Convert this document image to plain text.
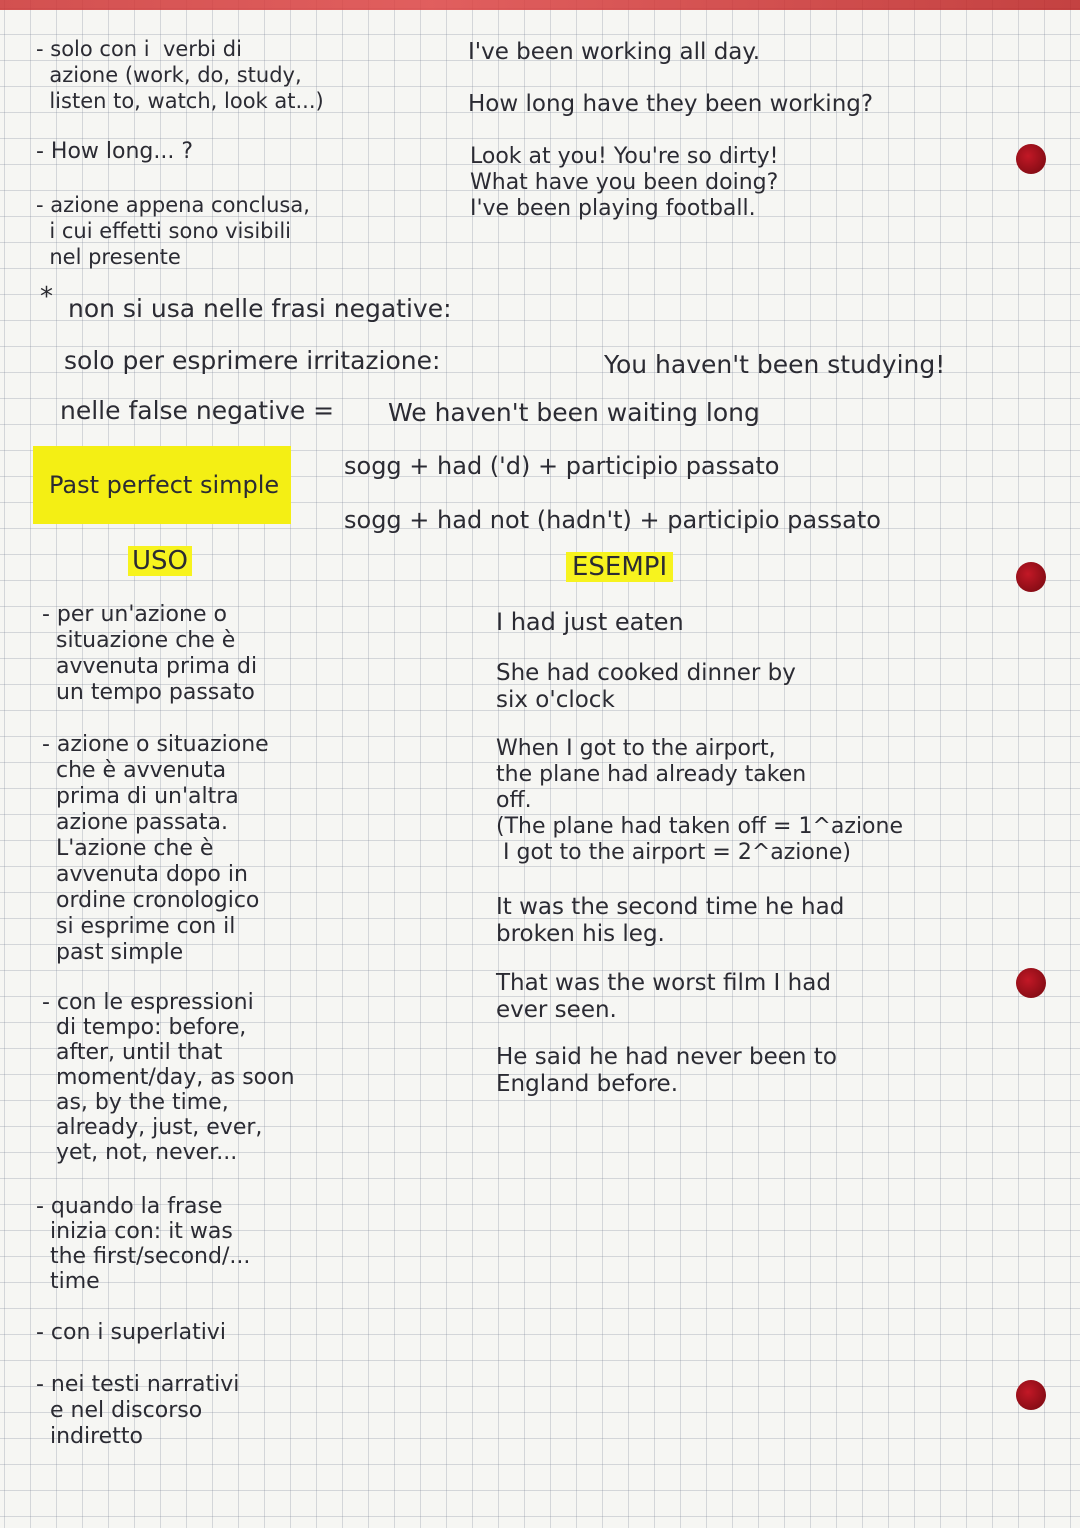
- solo con i  verbi di
azione (work, do, study,
listen to, watch, look at...)
- How long... ?
- azione appena conclusa,
i cui effetti sono visibili
nel presente
I've been working all day.
How long have they been working?
Look at you! You're so dirty!
What have you been doing?
I've been playing football.
* non si usa nelle frasi negative:
solo per esprimere irritazione:	You haven't been studying!
nelle false negative = We haven't been waiting long
Past perfect simple
sogg + had ('d) + participio passato
sogg + had not (hadn't) + participio passato
USO	ESEMPI
- per un'azione o
situazione che è
avvenuta prima di
un tempo passato
- azione o situazione
che è avvenuta
prima di un'altra
azione passata.
L'azione che è
avvenuta dopo in
ordine cronologico
si esprime con il
past simple
- con le espressioni
di tempo: before,
after, until that
moment/day, as soon
as, by the time,
already, just, ever,
yet, not, never...
- quando la frase
inizia con: it was
the first/second/...
time
- con i superlativi
- nei testi narrativi
e nel discorso
indiretto
I had just eaten
She had cooked dinner by
six o'clock
When I got to the airport,
the plane had already taken
off.
(The plane had taken off = 1^azione
I got to the airport = 2^azione)
It was the second time he had
broken his leg.
That was the worst film I had
ever seen.
He said he had never been to
England before.
